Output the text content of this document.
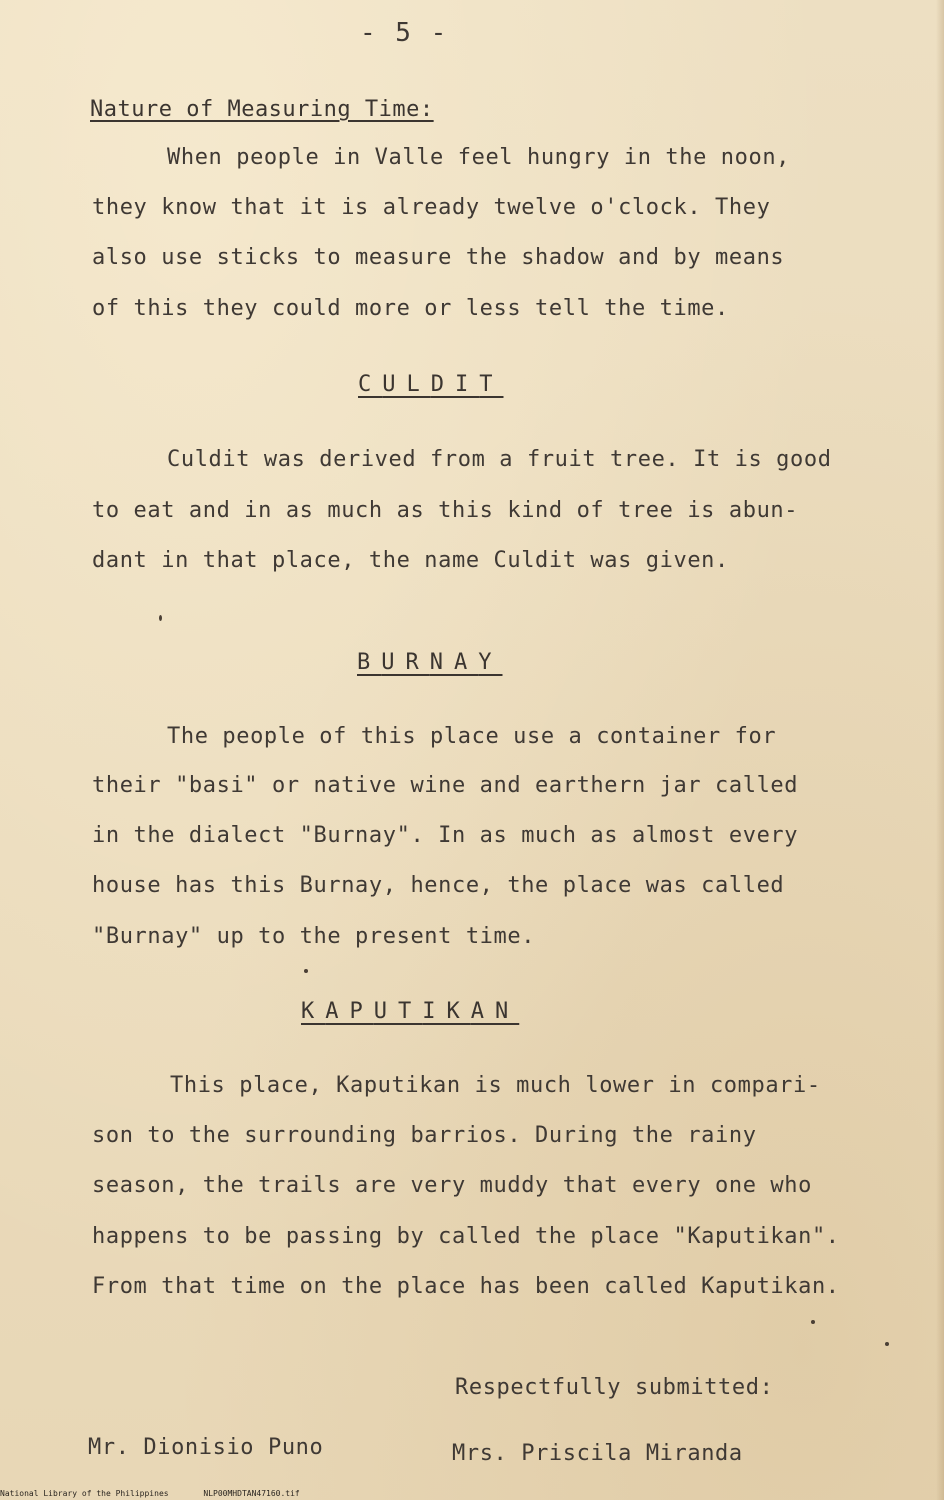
- 5 -
Nature of Measuring Time:
When people in Valle feel hungry in the noon,
they know that it is already twelve o'clock. They
also use sticks to measure the shadow and by means
of this they could more or less tell the time.
CULDIT
Culdit was derived from a fruit tree. It is good
to eat and in as much as this kind of tree is abun-
dant in that place, the name Culdit was given.
BURNAY
The people of this place use a container for
their "basi" or native wine and earthern jar called
in the dialect "Burnay". In as much as almost every
house has this Burnay, hence, the place was called
"Burnay" up to the present time.
KAPUTIKAN
This place, Kaputikan is much lower in compari-
son to the surrounding barrios. During the rainy
season, the trails are very muddy that every one who
happens to be passing by called the place "Kaputikan".
From that time on the place has been called Kaputikan.
Respectfully submitted:
Mr. Dionisio Puno	Mrs. Priscila Miranda
National Library of the Philippines	NLP00MHDTAN47160.tif
